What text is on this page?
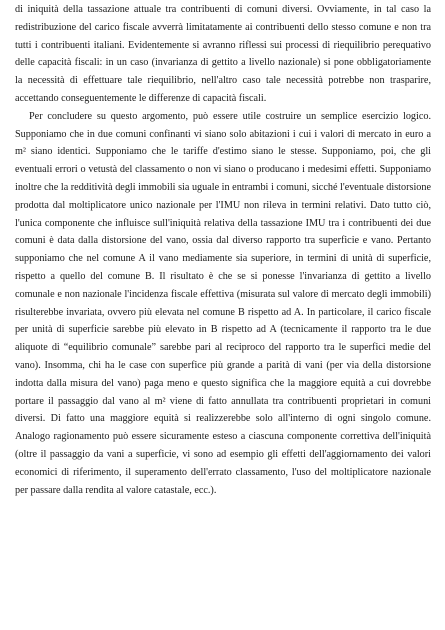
di iniquità della tassazione attuale tra contribuenti di comuni diversi. Ovviamente, in tal caso la redistribuzione del carico fiscale avverrà limitatamente ai contribuenti dello stesso comune e non tra tutti i contribuenti italiani. Evidentemente si avranno riflessi sui processi di riequilibrio perequativo delle capacità fiscali: in un caso (invarianza di gettito a livello nazionale) si pone obbligatoriamente la necessità di effettuare tale riequilibrio, nell'altro caso tale necessità potrebbe non trasparire, accettando conseguentemente le differenze di capacità fiscali.

Per concludere su questo argomento, può essere utile costruire un semplice esercizio logico. Supponiamo che in due comuni confinanti vi siano solo abitazioni i cui i valori di mercato in euro a m² siano identici. Supponiamo che le tariffe d'estimo siano le stesse. Supponiamo, poi, che gli eventuali errori o vetustà del classamento o non vi siano o producano i medesimi effetti. Supponiamo inoltre che la redditività degli immobili sia uguale in entrambi i comuni, sicché l'eventuale distorsione prodotta dal moltiplicatore unico nazionale per l'IMU non rileva in termini relativi. Dato tutto ciò, l'unica componente che influisce sull'iniquità relativa della tassazione IMU tra i contribuenti dei due comuni è data dalla distorsione del vano, ossia dal diverso rapporto tra superficie e vano. Pertanto supponiamo che nel comune A il vano mediamente sia superiore, in termini di unità di superficie, rispetto a quello del comune B. Il risultato è che se si ponesse l'invarianza di gettito a livello comunale e non nazionale l'incidenza fiscale effettiva (misurata sul valore di mercato degli immobili) risulterebbe invariata, ovvero più elevata nel comune B rispetto ad A. In particolare, il carico fiscale per unità di superficie sarebbe più elevato in B rispetto ad A (tecnicamente il rapporto tra le due aliquote di “equilibrio comunale” sarebbe pari al reciproco del rapporto tra le superfici medie del vano). Insomma, chi ha le case con superfice più grande a parità di vani (per via della distorsione indotta dalla misura del vano) paga meno e questo significa che la maggiore equità a cui dovrebbe portare il passaggio dal vano al m² viene di fatto annullata tra contribuenti proprietari in comuni diversi. Di fatto una maggiore equità si realizzerebbe solo all'interno di ogni singolo comune. Analogo ragionamento può essere sicuramente esteso a ciascuna componente correttiva dell'iniquità (oltre il passaggio da vani a superficie, vi sono ad esempio gli effetti dell'aggiornamento dei valori economici di riferimento, il superamento dell'errato classamento, l'uso del moltiplicatore nazionale per passare dalla rendita al valore catastale, ecc.).
